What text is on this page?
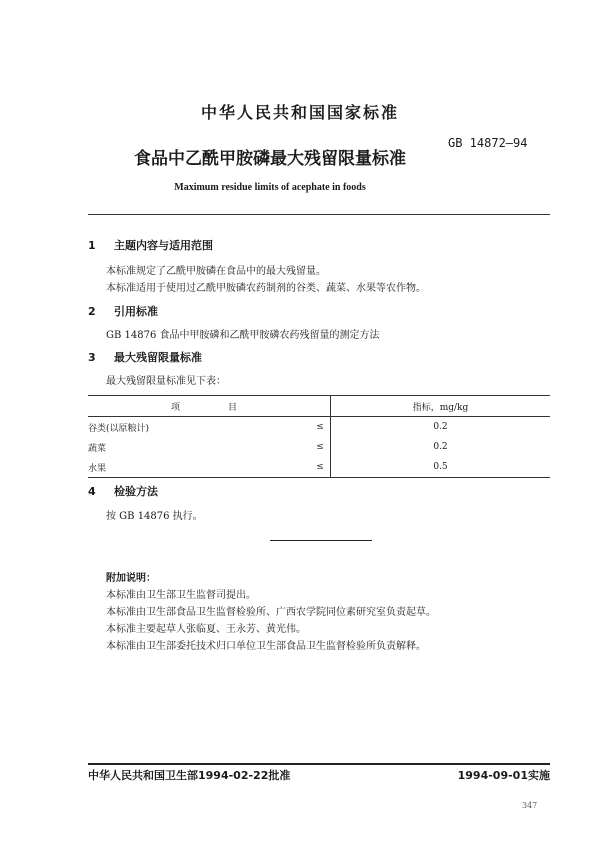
中华人民共和国国家标准
GB 14872—94
食品中乙酰甲胺磷最大残留限量标准
Maximum residue limits of acephate in foods
1 主题内容与适用范围
本标准规定了乙酰甲胺磷在食品中的最大残留量。
本标准适用于使用过乙酰甲胺磷农药制剂的谷类、蔬菜、水果等农作物。
2 引用标准
GB 14876 食品中甲胺磷和乙酰甲胺磷农药残留量的测定方法
3 最大残留限量标准
最大残留限量标准见下表：
项　　目		指标，mg/kg
谷类(以原粮计)	≤	0.2
蔬菜	≤	0.2
水果	≤	0.5
4 检验方法
按 GB 14876 执行。
附加说明：
本标准由卫生部卫生监督司提出。
本标准由卫生部食品卫生监督检验所、广西农学院同位素研究室负责起草。
本标准主要起草人张临夏、王永芳、黄光伟。
本标准由卫生部委托技术归口单位卫生部食品卫生监督检验所负责解释。
中华人民共和国卫生部1994-02-22批准	1994-09-01实施
347
